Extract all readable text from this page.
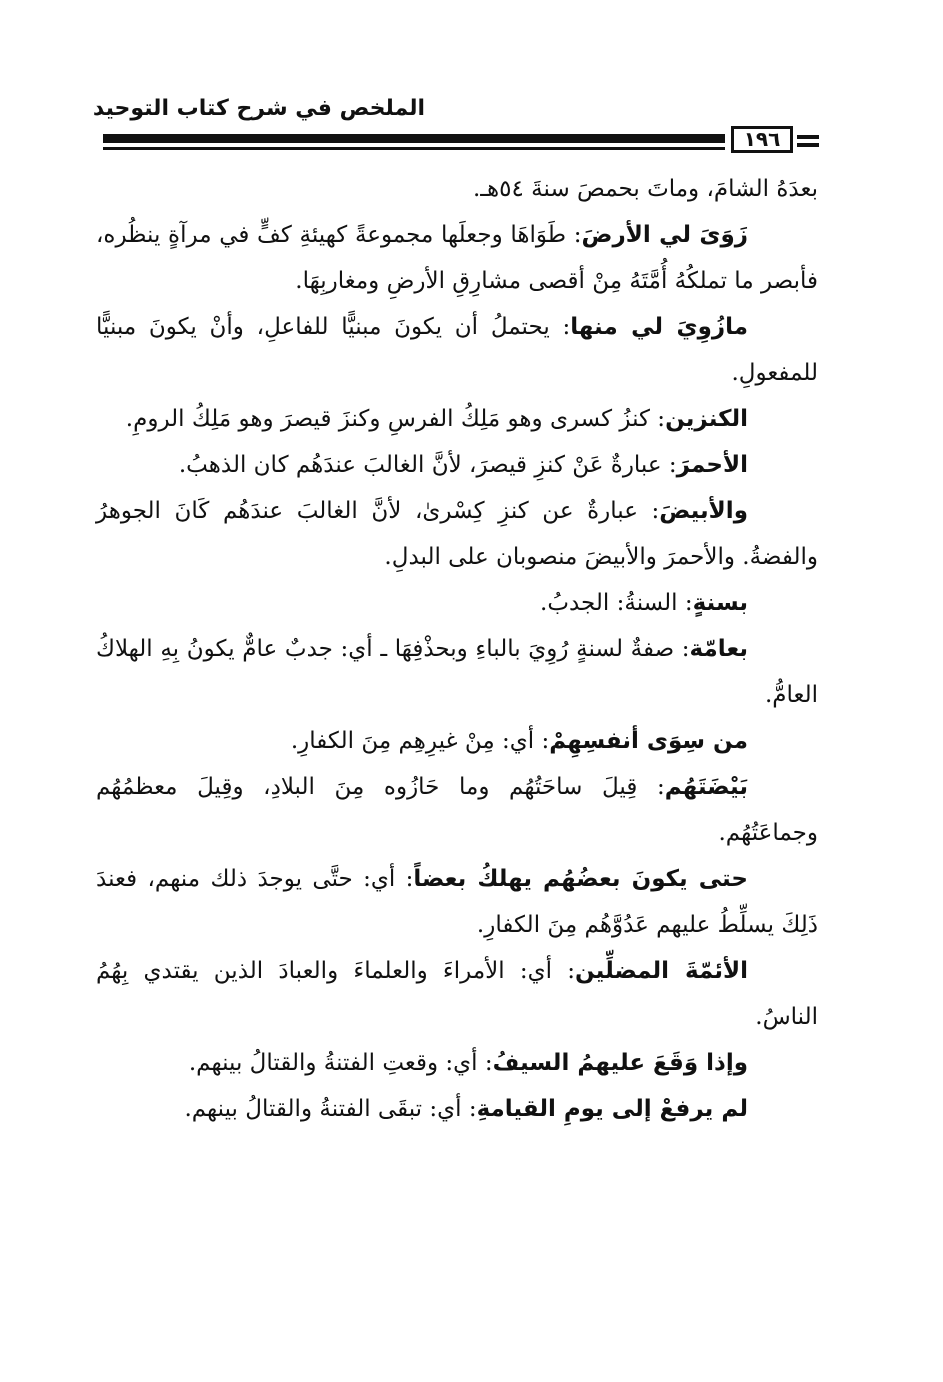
الملخص في شرح كتاب التوحيد
١٩٦

بعدَهُ الشامَ، وماتَ بحمصَ سنةَ ٥٤هـ.

زَوَىَ لي الأرضَ: طَوَاهَا وجعلَها مجموعةً كهيئةِ كفٍّ في مرآةٍ ينظُره، فأبصر ما تملكُهُ أُمَّتَهُ مِنْ أقصى مشارِقِ الأرضِ ومغاربِهَا.

مازُوِيَ لي منها: يحتملُ أن يكونَ مبنيًّا للفاعلِ، وأنْ يكونَ مبنيًّا للمفعولِ.

الكنزين: كنزُ كسرى وهو مَلِكُ الفرسِ وكنزَ قيصرَ وهو مَلِكُ الرومِ.

الأحمرَ: عبارةٌ عَنْ كنزِ قيصرَ، لأنَّ الغالبَ عندَهُم كان الذهبُ.

والأبيضَ: عبارةٌ عن كنزِ كِسْرىٰ، لأنَّ الغالبَ عندَهُم كَانَ الجوهرُ والفضةُ. والأحمرَ والأبيضَ منصوبان على البدلِ.

بسنةٍ: السنةُ: الجدبُ.

بعامّة: صفةٌ لسنةٍ رُوِيَ بالباءِ وبحذْفِهَا ـ أي: جدبٌ عامٌّ يكونُ بِهِ الهلاكُ العامُّ.

من سِوَى أنفسِهِمْ: أي: مِنْ غيرِهِم مِنَ الكفارِ.

بَيْضَتَهُم: قِيلَ ساحَتُهُم وما حَازُوه مِنَ البلادِ، وقِيلَ معظمُهُم وجماعَتُهُم.

حتى يكونَ بعضُهُم يهلكُ بعضاً: أي: حتَّى يوجدَ ذلك منهم، فعندَ ذَلِكَ يسلِّطُ عليهم عَدُوَّهُم مِنَ الكفارِ.

الأئمّةَ المضلِّين: أي: الأمراءَ والعلماءَ والعبادَ الذين يقتدي بِهُمُ الناسُ.

وإذا وَقَعَ عليهمُ السيفُ: أي: وقعتِ الفتنةُ والقتالُ بينهم.

لم يرفعْ إلى يومِ القيامةِ: أي: تبقَى الفتنةُ والقتالُ بينهم.
